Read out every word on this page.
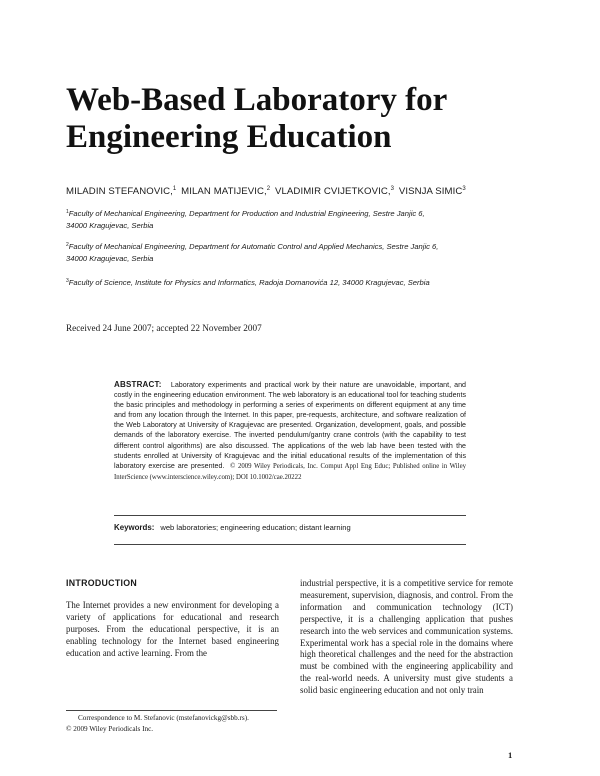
Web-Based Laboratory for
Engineering Education
MILADIN STEFANOVIC,$^1$ MILAN MATIJEVIC,$^2$ VLADIMIR CVIJETKOVIC,$^3$ VISNJA SIMIC$^3$
$^1$Faculty of Mechanical Engineering, Department for Production and Industrial Engineering, Sestre Janjic 6,
34000 Kragujevac, Serbia
$^2$Faculty of Mechanical Engineering, Department for Automatic Control and Applied Mechanics, Sestre Janjic 6,
34000 Kragujevac, Serbia
$^3$Faculty of Science, Institute for Physics and Informatics, Radoja Domanovića 12, 34000 Kragujevac, Serbia
Received 24 June 2007; accepted 22 November 2007
ABSTRACT: Laboratory experiments and practical work by their nature are unavoidable, important, and costly in the engineering education environment. The web laboratory is an educational tool for teaching students the basic principles and methodology in performing a series of experiments on different equipment at any time and from any location through the Internet. In this paper, pre-requests, architecture, and software realization of the Web Laboratory at University of Kragujevac are presented. Organization, development, goals, and possible demands of the laboratory exercise. The inverted pendulum/gantry crane controls (with the capability to test different control algorithms) are also discussed. The applications of the web lab have been tested with the students enrolled at University of Kragujevac and the initial educational results of the implementation of this laboratory exercise are presented. © 2009 Wiley Periodicals, Inc. Comput Appl Eng Educ; Published online in Wiley InterScience (www.interscience.wiley.com); DOI 10.1002/cae.20222
Keywords: web laboratories; engineering education; distant learning
INTRODUCTION
The Internet provides a new environment for developing a variety of applications for educational and research purposes. From the educational perspective, it is an enabling technology for the Internet based engineering education and active learning. From the
industrial perspective, it is a competitive service for remote measurement, supervision, diagnosis, and control. From the information and communication technology (ICT) perspective, it is a challenging application that pushes research into the web services and communication systems. Experimental work has a special role in the domains where high theoretical challenges and the need for the abstraction must be combined with the engineering applicability and the real-world needs. A university must give students a solid basic engineering education and not only train
Correspondence to M. Stefanovic (mstefanovickg@sbb.rs).
© 2009 Wiley Periodicals Inc.
1
